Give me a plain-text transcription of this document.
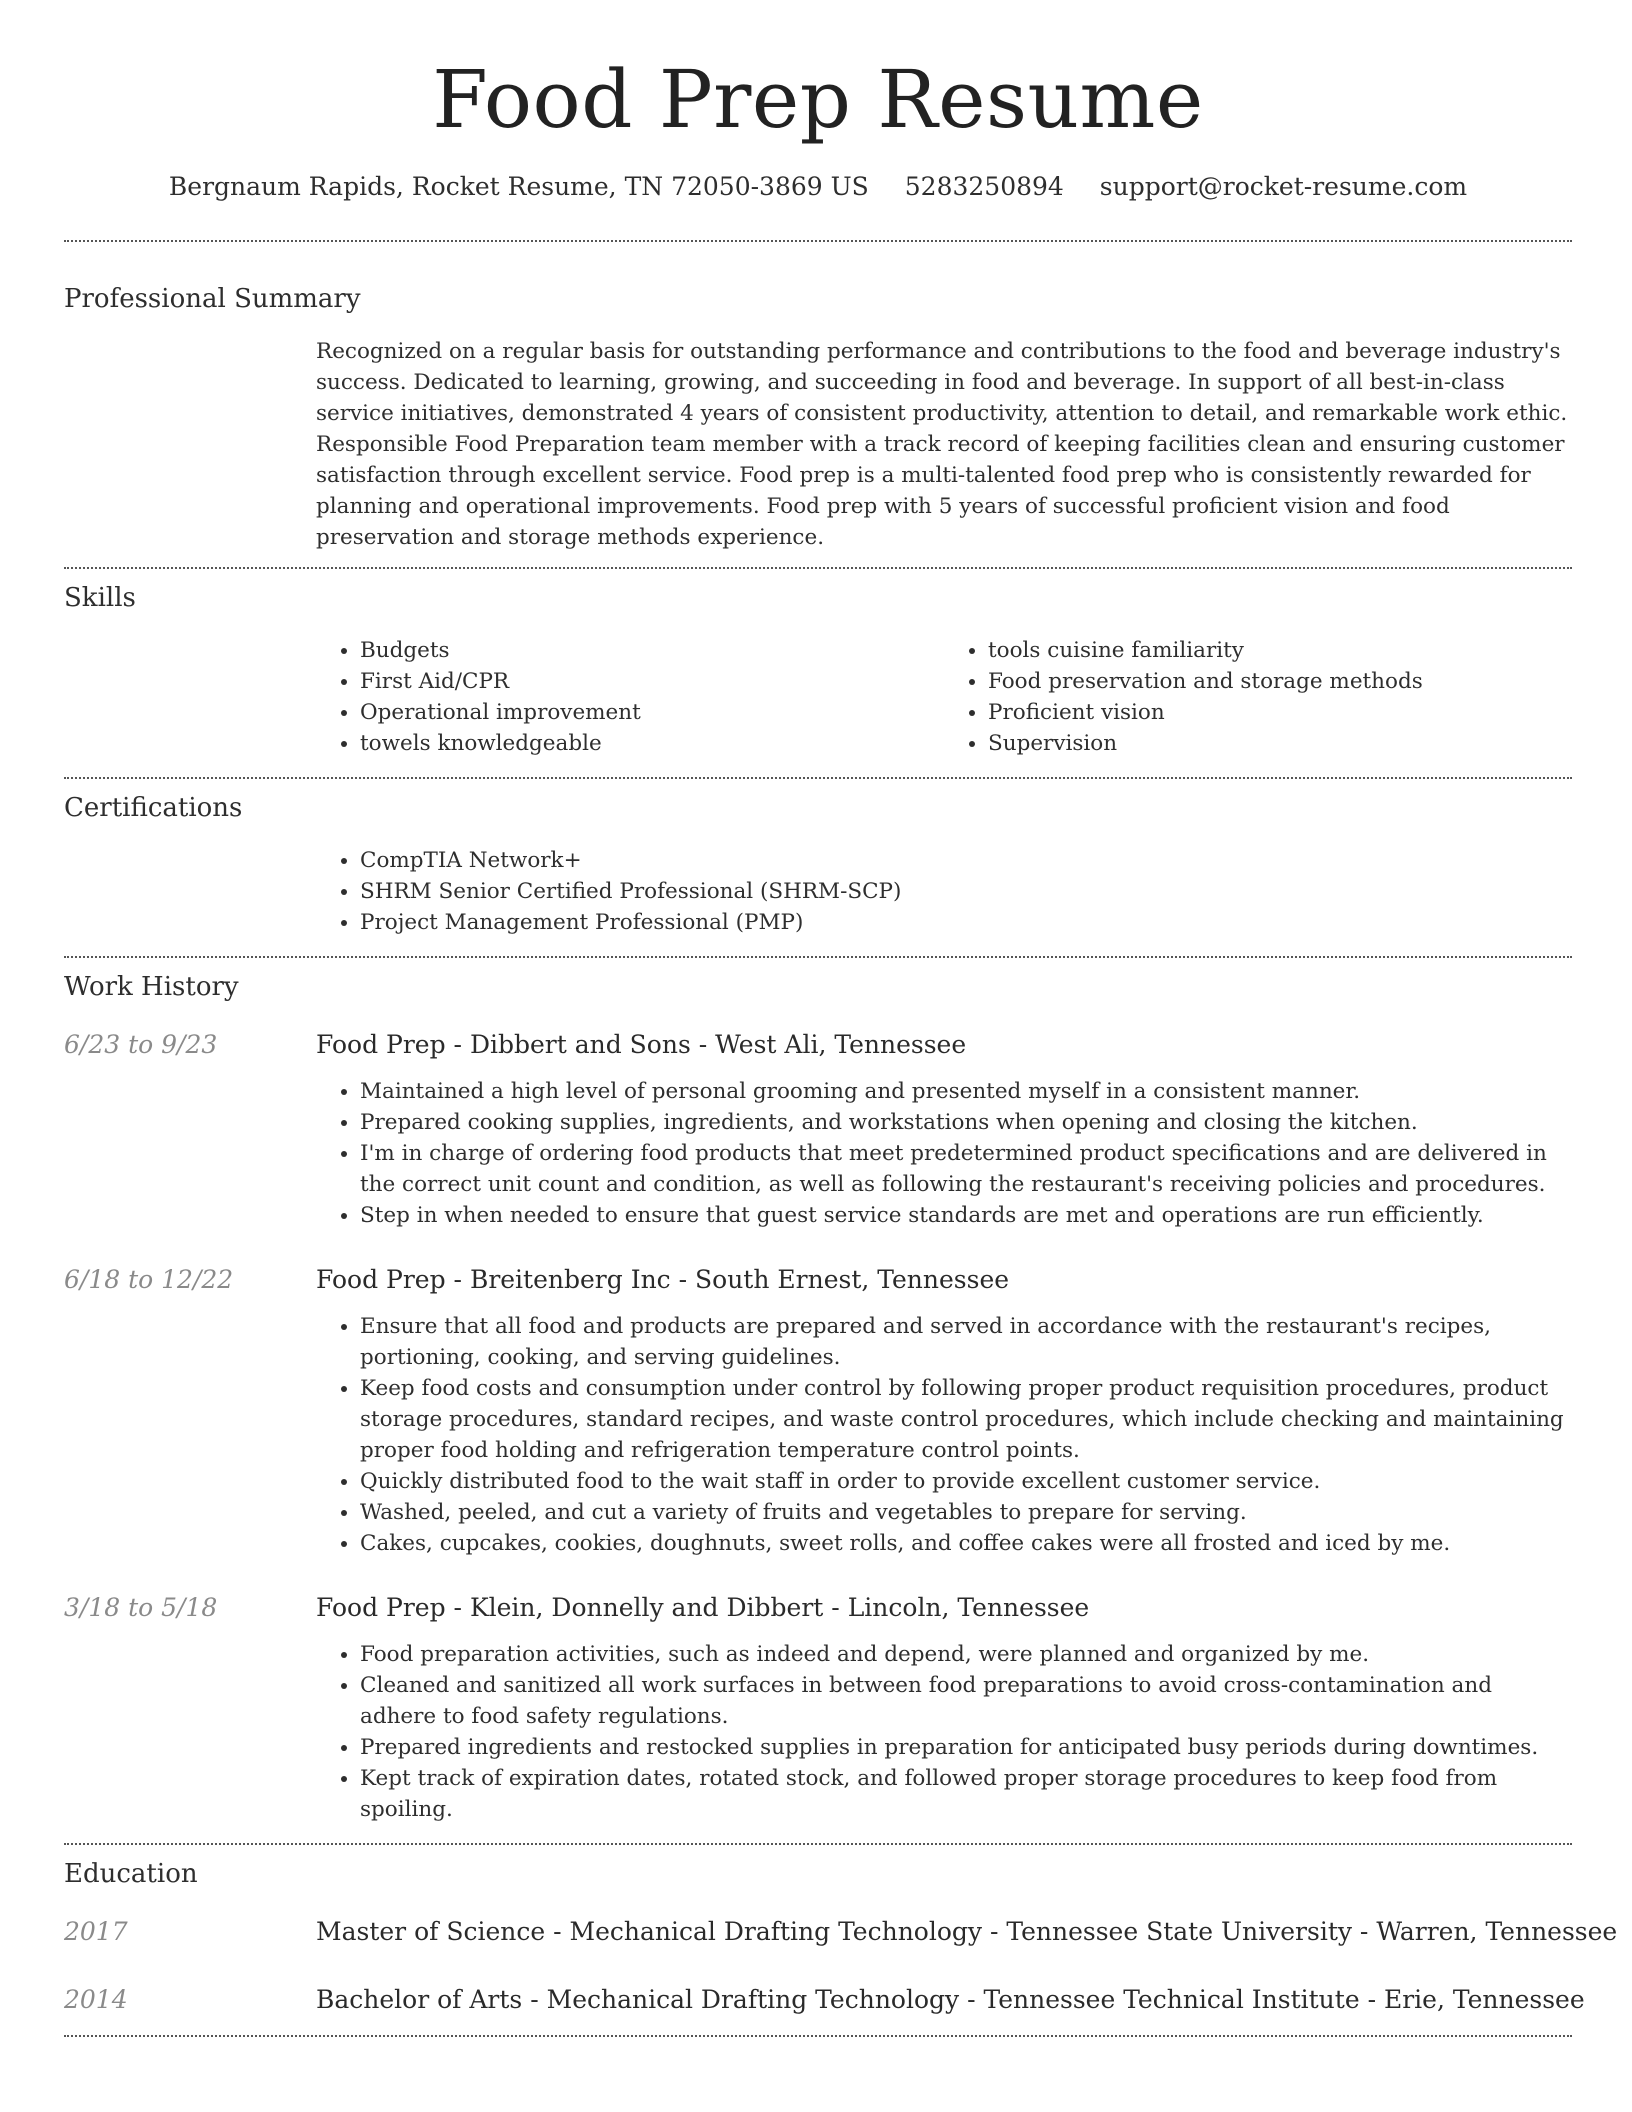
Food Prep Resume
Bergnaum Rapids, Rocket Resume, TN 72050-3869 US 5283250894 support@rocket-resume.com
Professional Summary
Recognized on a regular basis for outstanding performance and contributions to the food and beverage industry's success. Dedicated to learning, growing, and succeeding in food and beverage. In support of all best-in-class service initiatives, demonstrated 4 years of consistent productivity, attention to detail, and remarkable work ethic. Responsible Food Preparation team member with a track record of keeping facilities clean and ensuring customer satisfaction through excellent service. Food prep is a multi-talented food prep who is consistently rewarded for planning and operational improvements. Food prep with 5 years of successful proficient vision and food preservation and storage methods experience.
Skills
• Budgets
• First Aid/CPR
• Operational improvement
• towels knowledgeable
• tools cuisine familiarity
• Food preservation and storage methods
• Proficient vision
• Supervision
Certifications
• CompTIA Network+
• SHRM Senior Certified Professional (SHRM-SCP)
• Project Management Professional (PMP)
Work History
6/23 to 9/23	Food Prep - Dibbert and Sons - West Ali, Tennessee
• Maintained a high level of personal grooming and presented myself in a consistent manner.
• Prepared cooking supplies, ingredients, and workstations when opening and closing the kitchen.
• I'm in charge of ordering food products that meet predetermined product specifications and are delivered in the correct unit count and condition, as well as following the restaurant's receiving policies and procedures.
• Step in when needed to ensure that guest service standards are met and operations are run efficiently.
6/18 to 12/22	Food Prep - Breitenberg Inc - South Ernest, Tennessee
• Ensure that all food and products are prepared and served in accordance with the restaurant's recipes, portioning, cooking, and serving guidelines.
• Keep food costs and consumption under control by following proper product requisition procedures, product storage procedures, standard recipes, and waste control procedures, which include checking and maintaining proper food holding and refrigeration temperature control points.
• Quickly distributed food to the wait staff in order to provide excellent customer service.
• Washed, peeled, and cut a variety of fruits and vegetables to prepare for serving.
• Cakes, cupcakes, cookies, doughnuts, sweet rolls, and coffee cakes were all frosted and iced by me.
3/18 to 5/18	Food Prep - Klein, Donnelly and Dibbert - Lincoln, Tennessee
• Food preparation activities, such as indeed and depend, were planned and organized by me.
• Cleaned and sanitized all work surfaces in between food preparations to avoid cross-contamination and adhere to food safety regulations.
• Prepared ingredients and restocked supplies in preparation for anticipated busy periods during downtimes.
• Kept track of expiration dates, rotated stock, and followed proper storage procedures to keep food from spoiling.
Education
2017	Master of Science - Mechanical Drafting Technology - Tennessee State University - Warren, Tennessee
2014	Bachelor of Arts - Mechanical Drafting Technology - Tennessee Technical Institute - Erie, Tennessee
